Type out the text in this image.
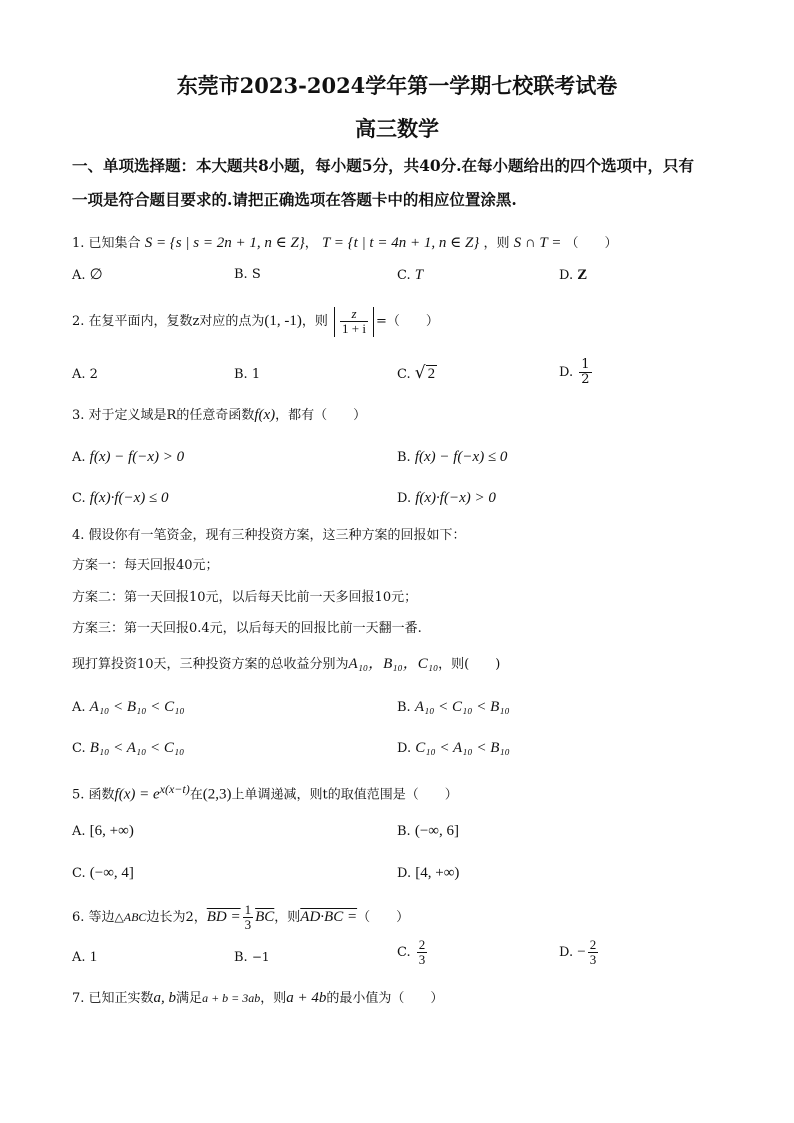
东莞市2023-2024学年第一学期七校联考试卷
高三数学
一、单项选择题：本大题共8小题，每小题5分，共40分.在每小题给出的四个选项中，只有
一项是符合题目要求的.请把正确选项在答题卡中的相应位置涂黑.
1. 已知集合 S = {s | s = 2n + 1, n ∈ Z}， T = {t | t = 4n + 1, n ∈ Z} ，则 S ∩ T = （　　）
A. ∅	B. S	C. T	D. Z
2. 在复平面内，复数z对应的点为(1, -1)，则 $\frac{z}{1 + i}$ =（　　）
A. 2	B. 1	C. √ 2	D. $\frac{1}{2}$
3. 对于定义域是R的任意奇函数f(x)，都有（　　）
A. f(x) − f(−x) > 0	B. f(x) − f(−x) ≤ 0
C. f(x)·f(−x) ≤ 0	D. f(x)·f(−x) > 0
4. 假设你有一笔资金，现有三种投资方案，这三种方案的回报如下：
方案一：每天回报40元；
方案二：第一天回报10元，以后每天比前一天多回报10元；
方案三：第一天回报0.4元，以后每天的回报比前一天翻一番.
现打算投资10天，三种投资方案的总收益分别为A₁₀，B₁₀，C₁₀，则(　　)
A. A₁₀ < B₁₀ < C₁₀	B. A₁₀ < C₁₀ < B₁₀
C. B₁₀ < A₁₀ < C₁₀	D. C₁₀ < A₁₀ < B₁₀
5. 函数$f(x) = e^{x(x-t)}$在(2,3)上单调递减，则t的取值范围是（　　）
A. [6, +∞)	B. (−∞, 6]
C. (−∞, 4]	D. [4, +∞)
6. 等边△ABC边长为2，BD = $\frac{1}{3} \overline{BC}$，则AD·BC =（　　）
A. 1	B. −1	C. $\frac{2}{3}$	D. − $\frac{2}{3}$
7. 已知正实数a, b满足a + b = 3ab，则a + 4b的最小值为（　　）
